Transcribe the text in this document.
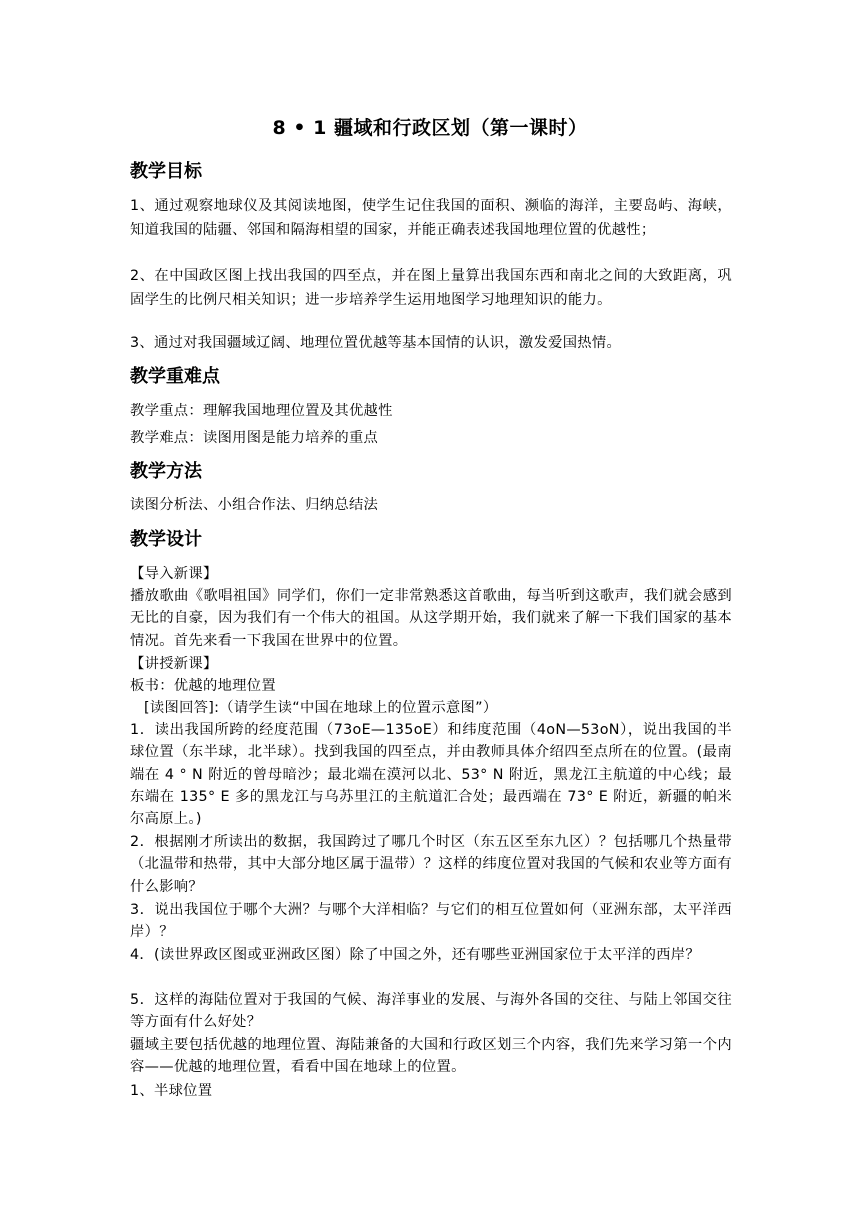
8 • 1 疆域和行政区划（第一课时）
教学目标
1、通过观察地球仪及其阅读地图，使学生记住我国的面积、濒临的海洋，主要岛屿、海峡，知道我国的陆疆、邻国和隔海相望的国家，并能正确表述我国地理位置的优越性；
2、在中国政区图上找出我国的四至点，并在图上量算出我国东西和南北之间的大致距离，巩固学生的比例尺相关知识；进一步培养学生运用地图学习地理知识的能力。
3、通过对我国疆域辽阔、地理位置优越等基本国情的认识，激发爱国热情。
教学重难点
教学重点：理解我国地理位置及其优越性
教学难点：读图用图是能力培养的重点
教学方法
读图分析法、小组合作法、归纳总结法
教学设计
【导入新课】
播放歌曲《歌唱祖国》同学们，你们一定非常熟悉这首歌曲，每当听到这歌声，我们就会感到无比的自豪，因为我们有一个伟大的祖国。从这学期开始，我们就来了解一下我们国家的基本情况。首先来看一下我国在世界中的位置。
【讲授新课】
板书：优越的地理位置
[读图回答]:（请学生读“中国在地球上的位置示意图”）
1．读出我国所跨的经度范围（73oE—135oE）和纬度范围（4oN—53oN），说出我国的半球位置（东半球，北半球）。找到我国的四至点，并由教师具体介绍四至点所在的位置。(最南端在 4 ° N 附近的曾母暗沙；最北端在漠河以北、53° N 附近，黑龙江主航道的中心线；最东端在 135° E 多的黑龙江与乌苏里江的主航道汇合处；最西端在 73° E 附近，新疆的帕米尔高原上。)
2．根据刚才所读出的数据，我国跨过了哪几个时区（东五区至东九区）？包括哪几个热量带（北温带和热带，其中大部分地区属于温带）？这样的纬度位置对我国的气候和农业等方面有什么影响？
3．说出我国位于哪个大洲？与哪个大洋相临？与它们的相互位置如何（亚洲东部，太平洋西岸）？
4．(读世界政区图或亚洲政区图）除了中国之外，还有哪些亚洲国家位于太平洋的西岸？
5．这样的海陆位置对于我国的气候、海洋事业的发展、与海外各国的交往、与陆上邻国交往等方面有什么好处？
疆域主要包括优越的地理位置、海陆兼备的大国和行政区划三个内容，我们先来学习第一个内容——优越的地理位置，看看中国在地球上的位置。
1、半球位置
